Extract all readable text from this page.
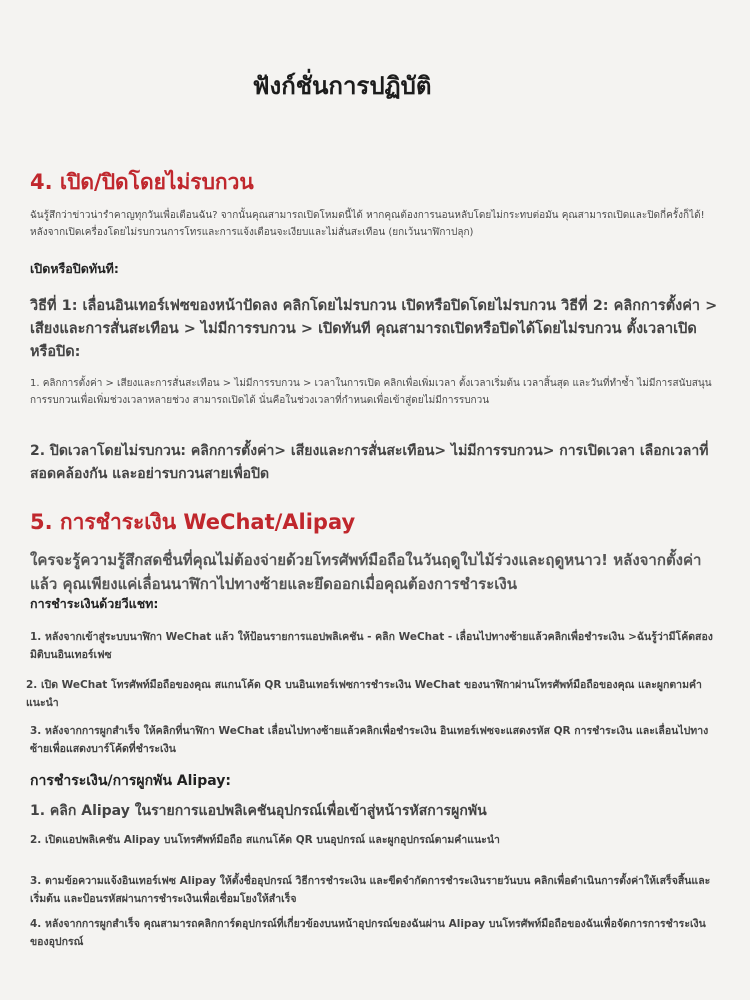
ฟังก์ชั่นการปฏิบัติ
4. เปิด/ปิดโดยไม่รบกวน

ฉันรู้สึกว่าข่าวน่ารำคาญทุกวันเพื่อเตือนฉัน? จากนั้นคุณสามารถเปิดโหมดนี้ได้ หากคุณต้องการนอนหลับโดยไม่กระทบต่อมัน คุณสามารถเปิดและปิดกี่ครั้งก็ได้! หลังจากเปิดเครื่องโดยไม่รบกวนการโทรและการแจ้งเตือนจะเงียบและไม่สั่นสะเทือน (ยกเว้นนาฬิกาปลุก)

เปิดหรือปิดทันที:

วิธีที่ 1: เลื่อนอินเทอร์เฟซของหน้าปัดลง คลิกโดยไม่รบกวน เปิดหรือปิดโดยไม่รบกวน วิธีที่ 2: คลิกการตั้งค่า > เสียงและการสั่นสะเทือน > ไม่มีการรบกวน > เปิดทันที คุณสามารถเปิดหรือปิดได้โดยไม่รบกวน ตั้งเวลาเปิดหรือปิด:

1. คลิกการตั้งค่า > เสียงและการสั่นสะเทือน > ไม่มีการรบกวน > เวลาในการเปิด คลิกเพื่อเพิ่มเวลา ตั้งเวลาเริ่มต้น เวลาสิ้นสุด และวันที่ทำซ้ำ ไม่มีการสนับสนุนการรบกวนเพื่อเพิ่มช่วงเวลาหลายช่วง สามารถเปิดได้ นั่นคือในช่วงเวลาที่กำหนดเพื่อเข้าสู่ดยไม่มีการรบกวน

2. ปิดเวลาโดยไม่รบกวน: คลิกการตั้งค่า> เสียงและการสั่นสะเทือน> ไม่มีการรบกวน> การเปิดเวลา เลือกเวลาที่สอดคล้องกัน และอย่ารบกวนสายเพื่อปิด

5. การชำระเงิน WeChat/Alipay

ใครจะรู้ความรู้สึกสดชื่นที่คุณไม่ต้องจ่ายด้วยโทรศัพท์มือถือในวันฤดูใบไม้ร่วงและฤดูหนาว! หลังจากตั้งค่าแล้ว คุณเพียงแค่เลื่อนนาฬิกาไปทางซ้ายและยึดออกเมื่อคุณต้องการชำระเงิน

การชำระเงินด้วยวีแชท:

1. หลังจากเข้าสู่ระบบนาฬิกา WeChat แล้ว ให้ป้อนรายการแอปพลิเคชัน - คลิก WeChat - เลื่อนไปทางซ้ายแล้วคลิกเพื่อชำระเงิน >ฉันรู้ว่ามีโค้ดสองมิติบนอินเทอร์เฟซ

2. เปิด WeChat โทรศัพท์มือถือของคุณ สแกนโค้ด QR บนอินเทอร์เฟซการชำระเงิน WeChat ของนาฬิกาผ่านโทรศัพท์มือถือของคุณ และผูกตามคำแนะนำ

3. หลังจากการผูกสำเร็จ ให้คลิกที่นาฬิกา WeChat เลื่อนไปทางซ้ายแล้วคลิกเพื่อชำระเงิน อินเทอร์เฟซจะแสดงรหัส QR การชำระเงิน และเลื่อนไปทางซ้ายเพื่อแสดงบาร์โค้ดที่ชำระเงิน

การชำระเงิน/การผูกพัน Alipay:

1. คลิก Alipay ในรายการแอปพลิเคชันอุปกรณ์เพื่อเข้าสู่หน้ารหัสการผูกพัน

2. เปิดแอปพลิเคชัน Alipay บนโทรศัพท์มือถือ สแกนโค้ด QR บนอุปกรณ์ และผูกอุปกรณ์ตามคำแนะนำ

3. ตามข้อความแจ้งอินเทอร์เฟซ Alipay ให้ตั้งชื่ออุปกรณ์ วิธีการชำระเงิน และขีดจำกัดการชำระเงินรายวันบน คลิกเพื่อดำเนินการตั้งค่าให้เสร็จสิ้นและเริ่มต้น และป้อนรหัสผ่านการชำระเงินเพื่อเชื่อมโยงให้สำเร็จ

4. หลังจากการผูกสำเร็จ คุณสามารถคลิกการ์ดอุปกรณ์ที่เกี่ยวข้องบนหน้าอุปกรณ์ของฉันผ่าน Alipay บนโทรศัพท์มือถือของฉันเพื่อจัดการการชำระเงินของอุปกรณ์
